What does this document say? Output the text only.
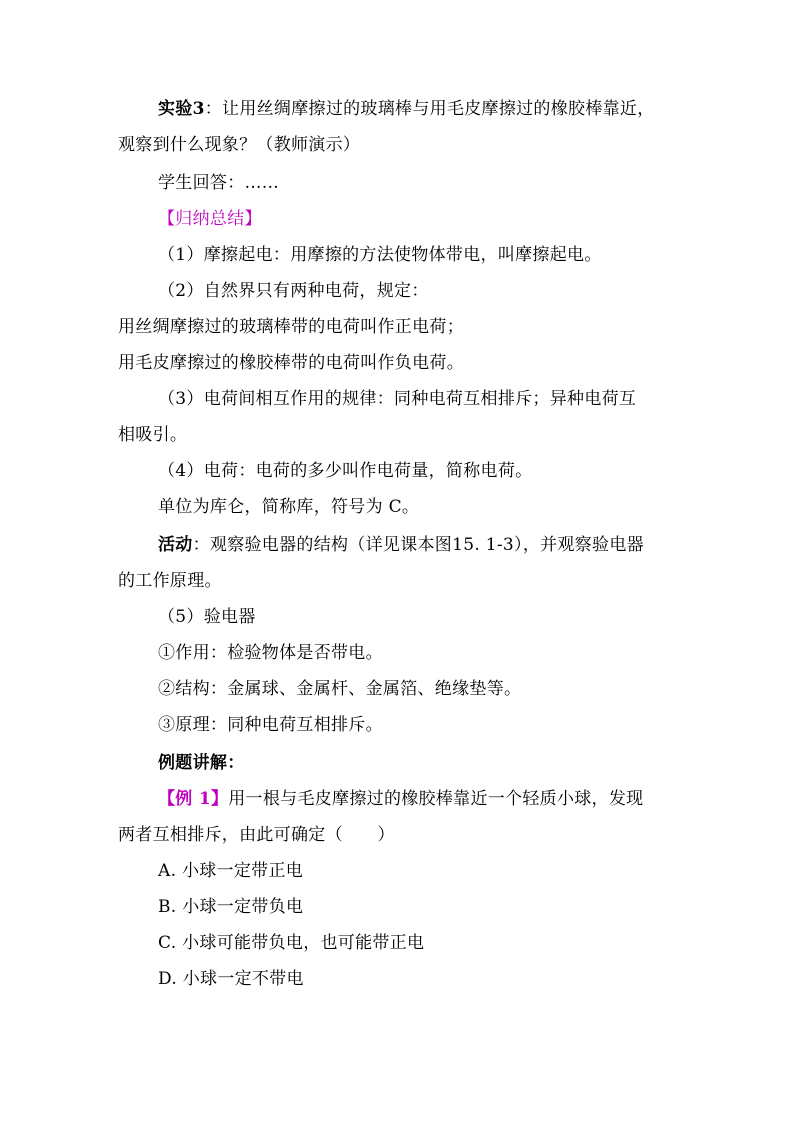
实验3：让用丝绸摩擦过的玻璃棒与用毛皮摩擦过的橡胶棒靠近，
观察到什么现象？（教师演示）
学生回答：……
【归纳总结】
（1）摩擦起电：用摩擦的方法使物体带电，叫摩擦起电。
（2）自然界只有两种电荷，规定：
用丝绸摩擦过的玻璃棒带的电荷叫作正电荷；
用毛皮摩擦过的橡胶棒带的电荷叫作负电荷。
（3）电荷间相互作用的规律：同种电荷互相排斥；异种电荷互
相吸引。
（4）电荷：电荷的多少叫作电荷量，简称电荷。
单位为库仑，简称库，符号为 C。
活动：观察验电器的结构（详见课本图15. 1-3），并观察验电器
的工作原理。
（5）验电器
①作用：检验物体是否带电。
②结构：金属球、金属杆、金属箔、绝缘垫等。
③原理：同种电荷互相排斥。
例题讲解：
【例 1】用一根与毛皮摩擦过的橡胶棒靠近一个轻质小球，发现
两者互相排斥，由此可确定（　　）
A. 小球一定带正电
B. 小球一定带负电
C. 小球可能带负电，也可能带正电
D. 小球一定不带电
